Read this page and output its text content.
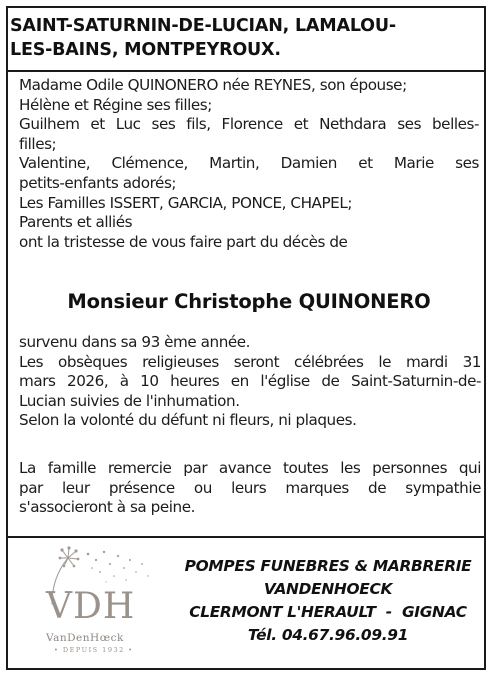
SAINT-SATURNIN-DE-LUCIAN, LAMALOU-
LES-BAINS, MONTPEYROUX.
Madame Odile QUINONERO née REYNES, son épouse;
Hélène et Régine ses filles;
Guilhem et Luc ses fils, Florence et Nethdara ses belles-
filles;
Valentine, Clémence, Martin, Damien et Marie ses
petits-enfants adorés;
Les Familles ISSERT, GARCIA, PONCE, CHAPEL;
Parents et alliés
ont la tristesse de vous faire part du décès de
Monsieur Christophe QUINONERO
survenu dans sa 93 ème année.
Les obsèques religieuses seront célébrées le mardi 31
mars 2026, à 10 heures en l'église de Saint-Saturnin-de-
Lucian suivies de l'inhumation.
Selon la volonté du défunt ni fleurs, ni plaques.
La famille remercie par avance toutes les personnes qui
par leur présence ou leurs marques de sympathie
s'associeront à sa peine.
VDH
VanDenHœck
• DEPUIS 1932 •
POMPES FUNEBRES & MARBRERIE
VANDENHOECK
CLERMONT L'HERAULT  -  GIGNAC
Tél. 04.67.96.09.91
